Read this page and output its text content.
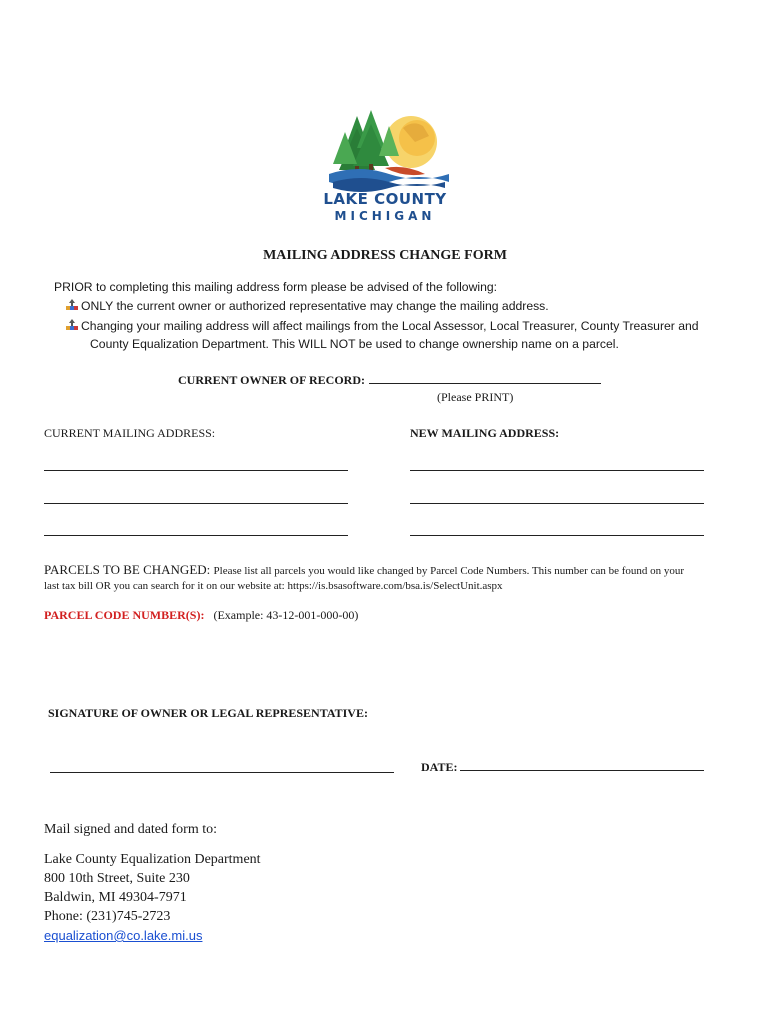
LAKE COUNTY
MICHIGAN
MAILING ADDRESS CHANGE FORM
PRIOR to completing this mailing address form please be advised of the following:
ONLY the current owner or authorized representative may change the mailing address.
Changing your mailing address will affect mailings from the Local Assessor, Local Treasurer, County Treasurer and
County Equalization Department. This WILL NOT be used to change ownership name on a parcel.
CURRENT OWNER OF RECORD:
(Please PRINT)
CURRENT MAILING ADDRESS:	NEW MAILING ADDRESS:
PARCELS TO BE CHANGED: Please list all parcels you would like changed by Parcel Code Numbers. This number can be found on your
last tax bill OR you can search for it on our website at: https://is.bsasoftware.com/bsa.is/SelectUnit.aspx
PARCEL CODE NUMBER(S): (Example: 43-12-001-000-00)
SIGNATURE OF OWNER OR LEGAL REPRESENTATIVE:
DATE:
Mail signed and dated form to:
Lake County Equalization Department
800 10th Street, Suite 230
Baldwin, MI 49304-7971
Phone: (231)745-2723
equalization@co.lake.mi.us
